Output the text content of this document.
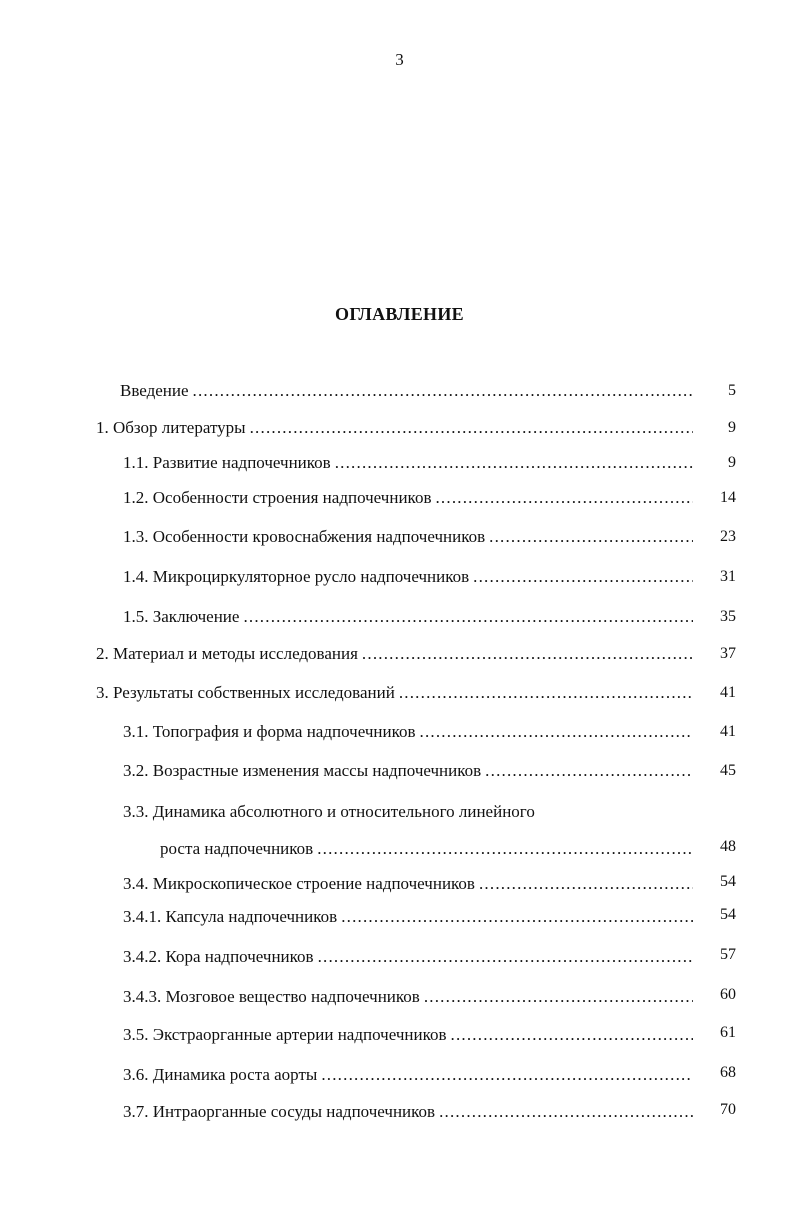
3
ОГЛАВЛЕНИЕ
Введение .....	5
1. Обзор литературы .....	9
1.1. Развитие надпочечников .....	9
1.2. Особенности строения надпочечников .....	14
1.3. Особенности кровоснабжения надпочечников .....	23
1.4. Микроциркуляторное русло надпочечников .....	31
1.5. Заключение .....	35
2. Материал и методы исследования .....	37
3. Результаты собственных исследований .....	41
3.1. Топография и форма надпочечников .....	41
3.2. Возрастные изменения массы надпочечников .....	45
3.3. Динамика абсолютного и относительного линейного
роста надпочечников .....	48
3.4. Микроскопическое строение надпочечников .....	54
3.4.1. Капсула надпочечников .....	54
3.4.2. Кора надпочечников .....	57
3.4.3. Мозговое вещество надпочечников .....	60
3.5. Экстраорганные артерии надпочечников .....	61
3.6. Динамика роста аорты .....	68
3.7. Интраорганные сосуды надпочечников .....	70
